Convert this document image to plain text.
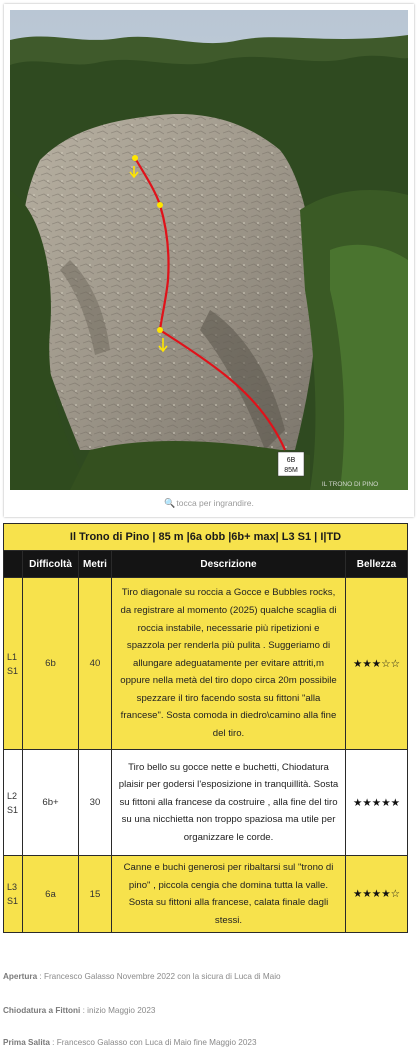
6B
85M
IL TRONO DI PINO
🔍tocca per ingrandire.
Il Trono di Pino | 85 m |6a obb |6b+ max| L3 S1 | I|TD				
	Difficoltà	Metri	Descrizione	Bellezza
L1
S1	6b	40	Tiro diagonale su roccia a Gocce e Bubbles rocks, da registrare al momento (2025) qualche scaglia di roccia instabile, necessarie più ripetizioni e spazzola per renderla più pulita . Suggeriamo di allungare adeguatamente per evitare attriti,m oppure nella metà del tiro dopo circa 20m possibile spezzare il tiro facendo sosta su fittoni "alla francese". Sosta comoda in diedro\camino alla fine del tiro.	★★★☆☆
L2
S1	6b+	30	Tiro bello su gocce nette e buchetti, Chiodatura plaisir per godersi l'esposizione in tranquillità. Sosta su fittoni alla francese da costruire , alla fine del tiro su una nicchietta non troppo spaziosa ma utile per organizzare le corde.	★★★★★
L3
S1	6a	15	Canne e buchi generosi per ribaltarsi sul "trono di pino" , piccola cengia che domina tutta la valle. Sosta su fittoni alla francese, calata finale dagli stessi.	★★★★☆
Apertura : Francesco Galasso Novembre 2022 con la sicura di Luca di Maio
Chiodatura a Fittoni : inizio Maggio 2023
Prima Salita : Francesco Galasso con Luca di Maio fine Maggio 2023
